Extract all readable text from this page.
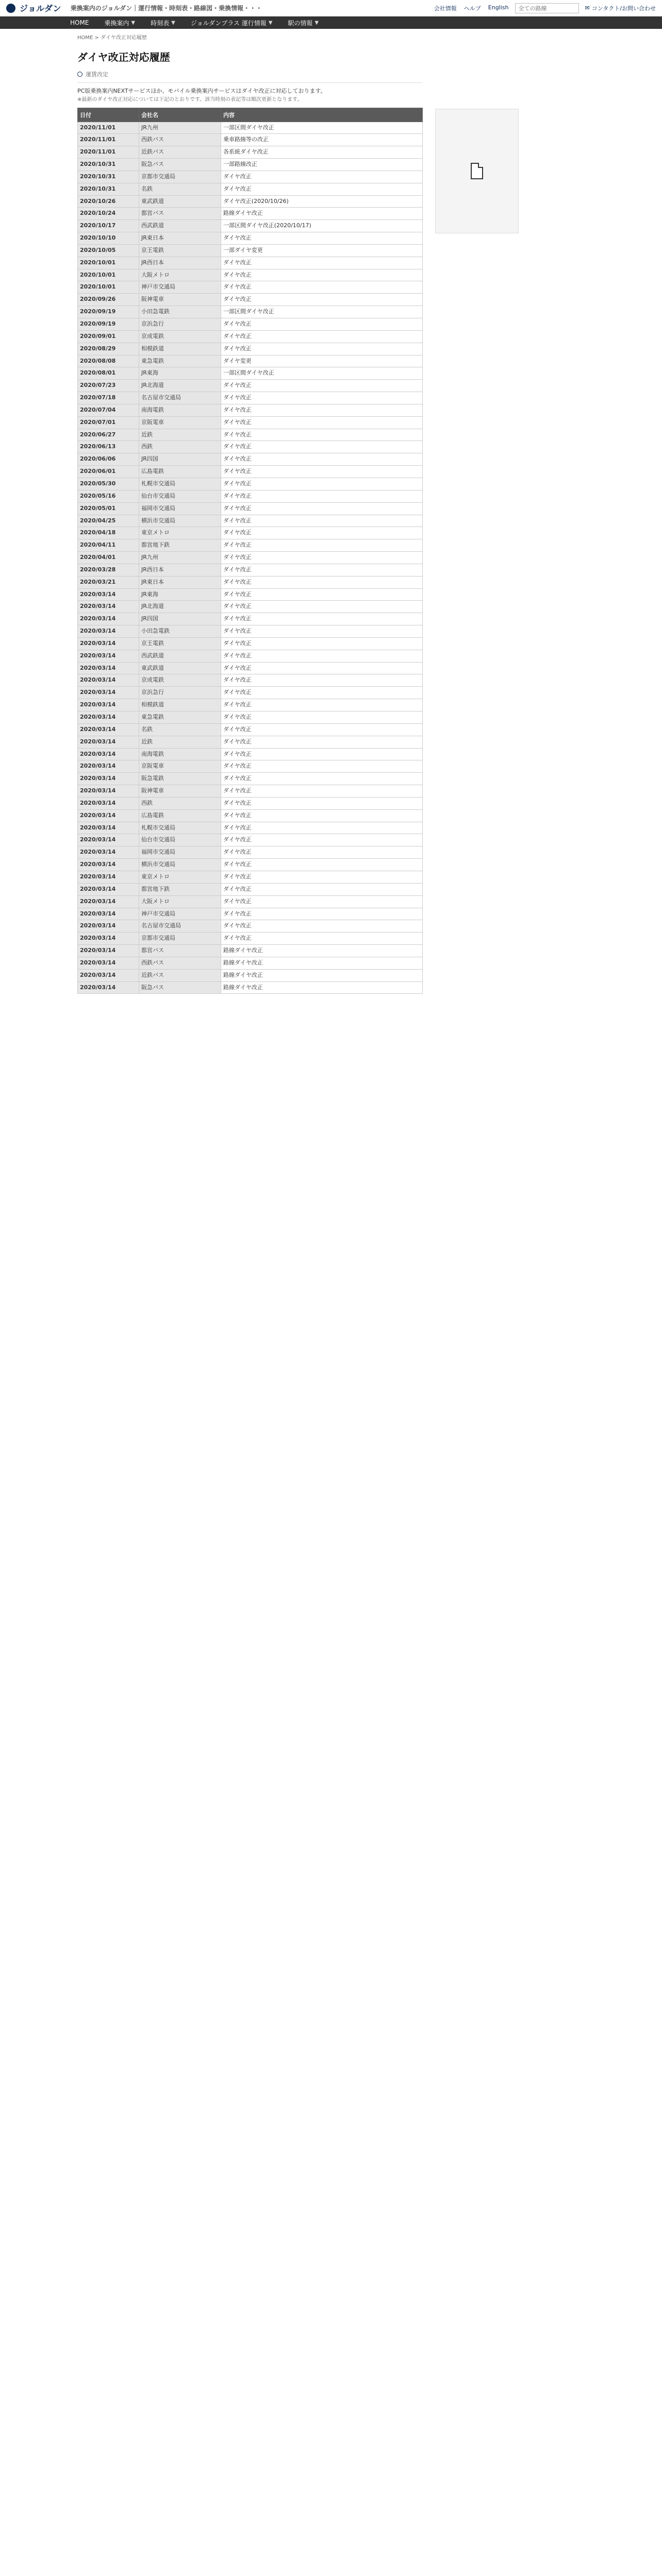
ジョルダン 乗換案内のジョルダン｜運行情報・時刻表・路線図・乗換情報・・・	会社情報 ヘルプ English 全ての路線	✉ コンタクト/お問い合わせ
HOME	乗換案内 ▼	時刻表 ▼	ジョルダンプラス 運行情報 ▼	駅の情報 ▼
HOME > ダイヤ改正対応履歴
ダイヤ改正対応履歴
運賃改定
PC版乗換案内NEXTサービスほか、モバイル乗換案内サービスはダイヤ改正に対応しております。
※最新のダイヤ改正対応については下記のとおりです。該当時刻の表記等は順次更新となります。
日付	会社名	内容
2020/11/01	JR九州	一部区間ダイヤ改正
2020/11/01	西鉄バス	乗車路線等の改正
2020/11/01	近鉄バス	各系統ダイヤ改正
2020/10/31	阪急バス	一部路線改正
2020/10/31	京都市交通局	ダイヤ改正
2020/10/31	名鉄	ダイヤ改正
2020/10/26	東武鉄道	ダイヤ改正(2020/10/26)
2020/10/24	都営バス	路線ダイヤ改正
2020/10/17	西武鉄道	一部区間ダイヤ改正(2020/10/17)
2020/10/10	JR東日本	ダイヤ改正
2020/10/05	京王電鉄	一部ダイヤ変更
2020/10/01	JR西日本	ダイヤ改正
2020/10/01	大阪メトロ	ダイヤ改正
2020/10/01	神戸市交通局	ダイヤ改正
2020/09/26	阪神電車	ダイヤ改正
2020/09/19	小田急電鉄	一部区間ダイヤ改正
2020/09/19	京浜急行	ダイヤ改正
2020/09/01	京成電鉄	ダイヤ改正
2020/08/29	相模鉄道	ダイヤ改正
2020/08/08	東急電鉄	ダイヤ変更
2020/08/01	JR東海	一部区間ダイヤ改正
2020/07/23	JR北海道	ダイヤ改正
2020/07/18	名古屋市交通局	ダイヤ改正
2020/07/04	南海電鉄	ダイヤ改正
2020/07/01	京阪電車	ダイヤ改正
2020/06/27	近鉄	ダイヤ改正
2020/06/13	西鉄	ダイヤ改正
2020/06/06	JR四国	ダイヤ改正
2020/06/01	広島電鉄	ダイヤ改正
2020/05/30	札幌市交通局	ダイヤ改正
2020/05/16	仙台市交通局	ダイヤ改正
2020/05/01	福岡市交通局	ダイヤ改正
2020/04/25	横浜市交通局	ダイヤ改正
2020/04/18	東京メトロ	ダイヤ改正
2020/04/11	都営地下鉄	ダイヤ改正
2020/04/01	JR九州	ダイヤ改正
2020/03/28	JR西日本	ダイヤ改正
2020/03/21	JR東日本	ダイヤ改正
2020/03/14	JR東海	ダイヤ改正
2020/03/14	JR北海道	ダイヤ改正
2020/03/14	JR四国	ダイヤ改正
2020/03/14	小田急電鉄	ダイヤ改正
2020/03/14	京王電鉄	ダイヤ改正
2020/03/14	西武鉄道	ダイヤ改正
2020/03/14	東武鉄道	ダイヤ改正
2020/03/14	京成電鉄	ダイヤ改正
2020/03/14	京浜急行	ダイヤ改正
2020/03/14	相模鉄道	ダイヤ改正
2020/03/14	東急電鉄	ダイヤ改正
2020/03/14	名鉄	ダイヤ改正
2020/03/14	近鉄	ダイヤ改正
2020/03/14	南海電鉄	ダイヤ改正
2020/03/14	京阪電車	ダイヤ改正
2020/03/14	阪急電鉄	ダイヤ改正
2020/03/14	阪神電車	ダイヤ改正
2020/03/14	西鉄	ダイヤ改正
2020/03/14	広島電鉄	ダイヤ改正
2020/03/14	札幌市交通局	ダイヤ改正
2020/03/14	仙台市交通局	ダイヤ改正
2020/03/14	福岡市交通局	ダイヤ改正
2020/03/14	横浜市交通局	ダイヤ改正
2020/03/14	東京メトロ	ダイヤ改正
2020/03/14	都営地下鉄	ダイヤ改正
2020/03/14	大阪メトロ	ダイヤ改正
2020/03/14	神戸市交通局	ダイヤ改正
2020/03/14	名古屋市交通局	ダイヤ改正
2020/03/14	京都市交通局	ダイヤ改正
2020/03/14	都営バス	路線ダイヤ改正
2020/03/14	西鉄バス	路線ダイヤ改正
2020/03/14	近鉄バス	路線ダイヤ改正
2020/03/14	阪急バス	路線ダイヤ改正
